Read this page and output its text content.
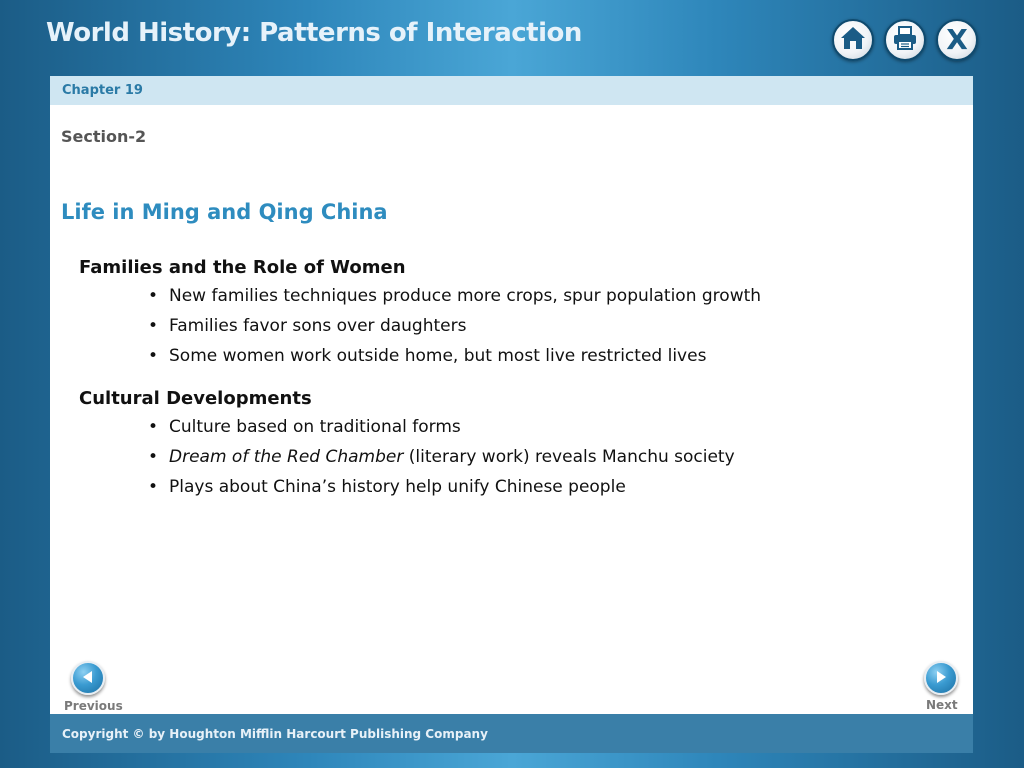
World History: Patterns of Interaction	X
Chapter 19
Section-2
Life in Ming and Qing China
Families and the Role of Women
• New families techniques produce more crops, spur population growth
• Families favor sons over daughters
• Some women work outside home, but most live restricted lives
Cultural Developments
• Culture based on traditional forms
• Dream of the Red Chamber (literary work) reveals Manchu society
• Plays about China’s history help unify Chinese people
Previous	Next
Copyright © by Houghton Mifflin Harcourt Publishing Company
